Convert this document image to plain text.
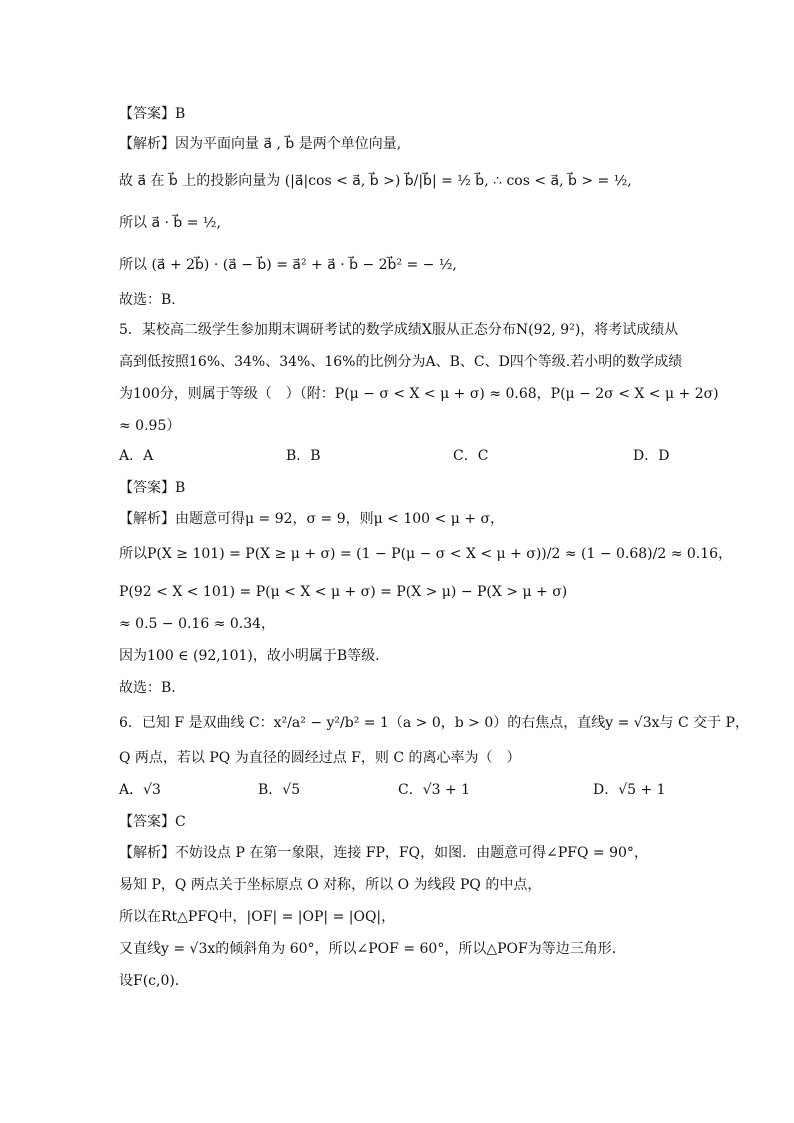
【答案】B
【解析】因为平面向量 a⃗ , b⃗ 是两个单位向量,
故 a⃗ 在 b⃗ 上的投影向量为 (|a⃗|cos < a⃗, b⃗ >) b⃗/|b⃗| = ½ b⃗, ∴ cos < a⃗, b⃗ > = ½,
所以 a⃗ · b⃗ = ½,
所以 (a⃗ + 2b⃗) · (a⃗ − b⃗) = a⃗² + a⃗ · b⃗ − 2b⃗² = − ½,
故选：B.
5．某校高二级学生参加期末调研考试的数学成绩X服从正态分布N(92, 9²)，将考试成绩从
高到低按照16%、34%、34%、16%的比例分为A、B、C、D四个等级.若小明的数学成绩
为100分，则属于等级（　）（附：P(μ − σ < X < μ + σ) ≈ 0.68，P(μ − 2σ < X < μ + 2σ)
≈ 0.95）
A．A	B．B	C．C	D．D
【答案】B
【解析】由题意可得μ = 92，σ = 9，则μ < 100 < μ + σ，
所以P(X ≥ 101) = P(X ≥ μ + σ) = (1 − P(μ − σ < X < μ + σ))/2 ≈ (1 − 0.68)/2 ≈ 0.16，
P(92 < X < 101) = P(μ < X < μ + σ) = P(X > μ) − P(X > μ + σ)
≈ 0.5 − 0.16 ≈ 0.34，
因为100 ∈ (92,101)，故小明属于B等级.
故选：B.
6．已知 F 是双曲线 C：x²/a² − y²/b² = 1（a > 0，b > 0）的右焦点，直线y = √3x与 C 交于 P，
Q 两点，若以 PQ 为直径的圆经过点 F，则 C 的离心率为（　）
A．√3	B．√5	C．√3 + 1	D．√5 + 1
【答案】C
【解析】不妨设点 P 在第一象限，连接 FP，FQ，如图．由题意可得∠PFQ = 90°，
易知 P，Q 两点关于坐标原点 O 对称，所以 O 为线段 PQ 的中点，
所以在Rt△PFQ中，|OF| = |OP| = |OQ|，
又直线y = √3x的倾斜角为 60°，所以∠POF = 60°，所以△POF为等边三角形．
设F(c,0)．
